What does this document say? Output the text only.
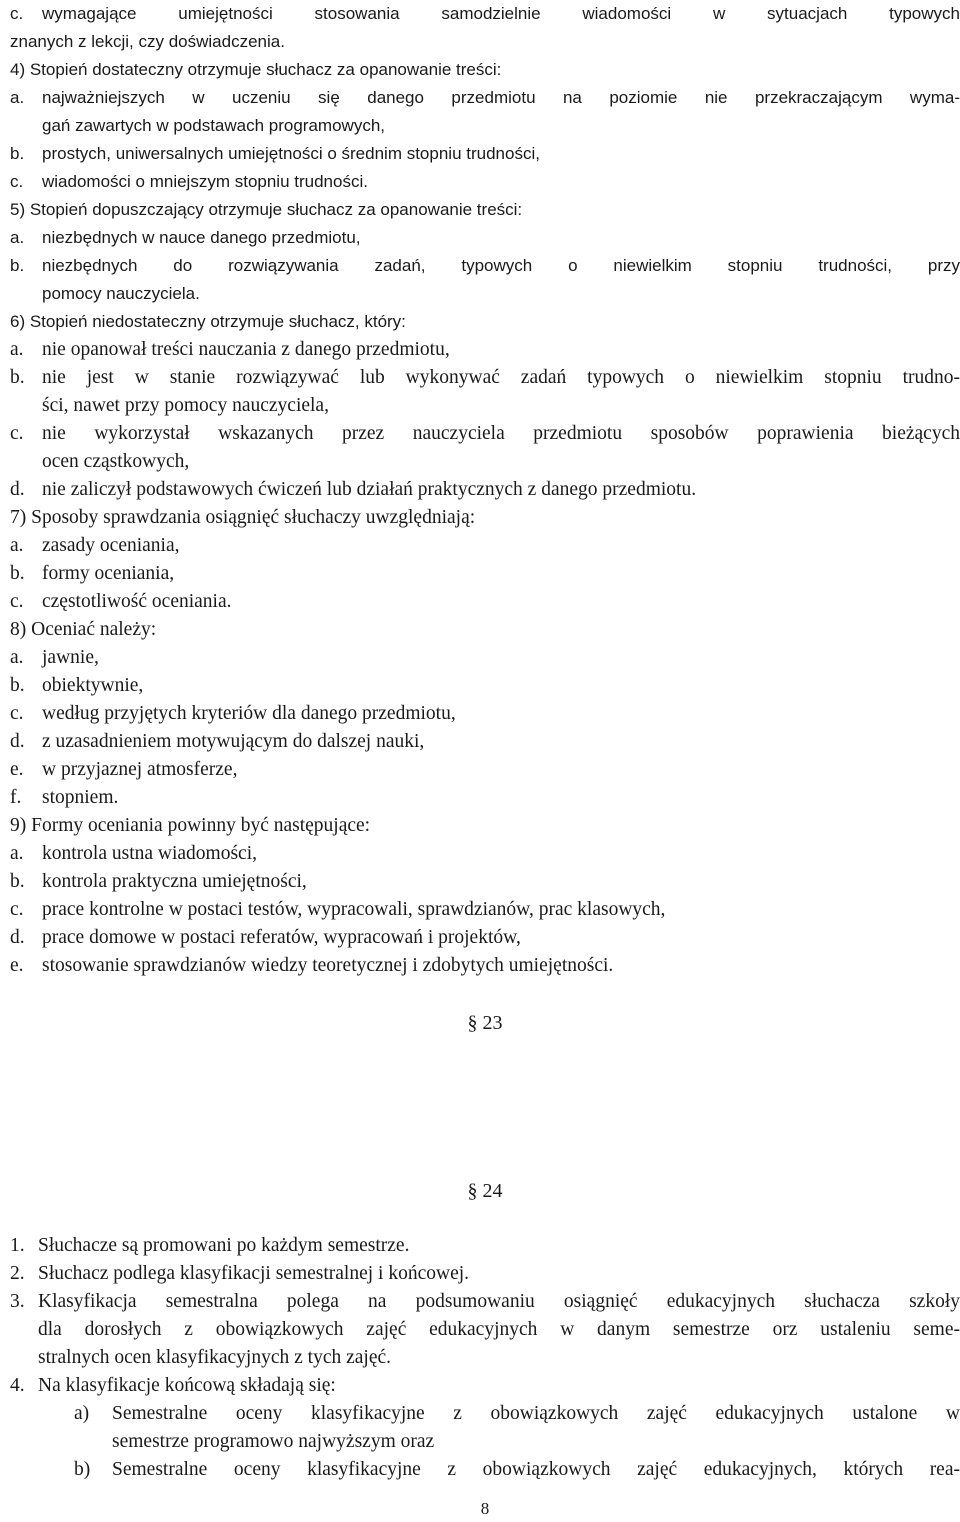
c. wymagające umiejętności stosowania samodzielnie wiadomości w sytuacjach typowych
znanych z lekcji, czy doświadczenia.
4) Stopień dostateczny otrzymuje słuchacz za opanowanie treści:
a. najważniejszych w uczeniu się danego przedmiotu na poziomie nie przekraczającym wyma-
gań zawartych w podstawach programowych,
b. prostych, uniwersalnych umiejętności o średnim stopniu trudności,
c. wiadomości o mniejszym stopniu trudności.
5) Stopień dopuszczający otrzymuje słuchacz za opanowanie treści:
a. niezbędnych w nauce danego przedmiotu,
b. niezbędnych do rozwiązywania zadań, typowych o niewielkim stopniu trudności, przy
pomocy nauczyciela.
6) Stopień niedostateczny otrzymuje słuchacz, który:
a. nie opanował treści nauczania z danego przedmiotu,
b. nie jest w stanie rozwiązywać lub wykonywać zadań typowych o niewielkim stopniu trudno-
ści, nawet przy pomocy nauczyciela,
c. nie wykorzystał wskazanych przez nauczyciela przedmiotu sposobów poprawienia bieżących
ocen cząstkowych,
d. nie zaliczył podstawowych ćwiczeń lub działań praktycznych z danego przedmiotu.
7) Sposoby sprawdzania osiągnięć słuchaczy uwzględniają:
a. zasady oceniania,
b. formy oceniania,
c. częstotliwość oceniania.
8) Oceniać należy:
a. jawnie,
b. obiektywnie,
c. według przyjętych kryteriów dla danego przedmiotu,
d. z uzasadnieniem motywującym do dalszej nauki,
e. w przyjaznej atmosferze,
f. stopniem.
9) Formy oceniania powinny być następujące:
a. kontrola ustna wiadomości,
b. kontrola praktyczna umiejętności,
c. prace kontrolne w postaci testów, wypracowali, sprawdzianów, prac klasowych,
d. prace domowe w postaci referatów, wypracowań i projektów,
e. stosowanie sprawdzianów wiedzy teoretycznej i zdobytych umiejętności.
§ 23
§ 24
1. Słuchacze są promowani po każdym semestrze.
2. Słuchacz podlega klasyfikacji semestralnej i końcowej.
3. Klasyfikacja semestralna polega na podsumowaniu osiągnięć edukacyjnych słuchacza szkoły
dla dorosłych z obowiązkowych zajęć edukacyjnych w danym semestrze orz ustaleniu seme-
stralnych ocen klasyfikacyjnych z tych zajęć.
4. Na klasyfikacje końcową składają się:
a) Semestralne oceny klasyfikacyjne z obowiązkowych zajęć edukacyjnych ustalone w
semestrze programowo najwyższym oraz
b) Semestralne oceny klasyfikacyjne z obowiązkowych zajęć edukacyjnych, których rea-
8
